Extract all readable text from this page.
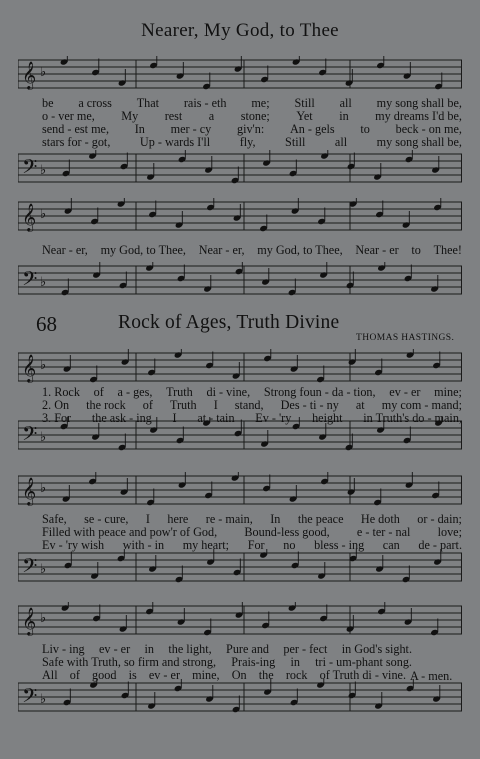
Nearer, My God, to Thee
𝄞 ♭
𝄢 ♭
𝄞 ♭
𝄢 ♭
𝄞 ♭
𝄢 ♭
𝄞 ♭
𝄢 ♭
𝄞 ♭
𝄢 ♭
be a cross That rais - eth me; Still all my song shall be,
o - ver me, My rest a stone; Yet in my dreams I'd be,
send - est me, In mer - cy giv'n: An - gels to beck - on me,
stars for - got, Up - wards I'll fly, Still all my song shall be,
Near - er, my God, to Thee, Near - er, my God, to Thee, Near - er to Thee!
68	Rock of Ages, Truth Divine
THOMAS HASTINGS.
1. Rock of a - ges, Truth di - vine, Strong foun - da - tion, ev - er mine;
2. On the rock of Truth I stand, Des - ti - ny at my com - mand;
3. For the ask - ing I at - tain Ev - 'ry height in Truth's do - main,
Safe, se - cure, I here re - main, In the peace He doth or - dain;
Filled with peace and pow'r of God, Bound-less good, e - ter - nal love;
Ev - 'ry wish with - in my heart; For no bless - ing can de - part.
Liv - ing ev - er in the light, Pure and per - fect in God's sight.
Safe with Truth, so firm and strong, Prais-ing in tri - um-phant song.
All of good is ev - er mine, On the rock of Truth di - vine. A - men.
